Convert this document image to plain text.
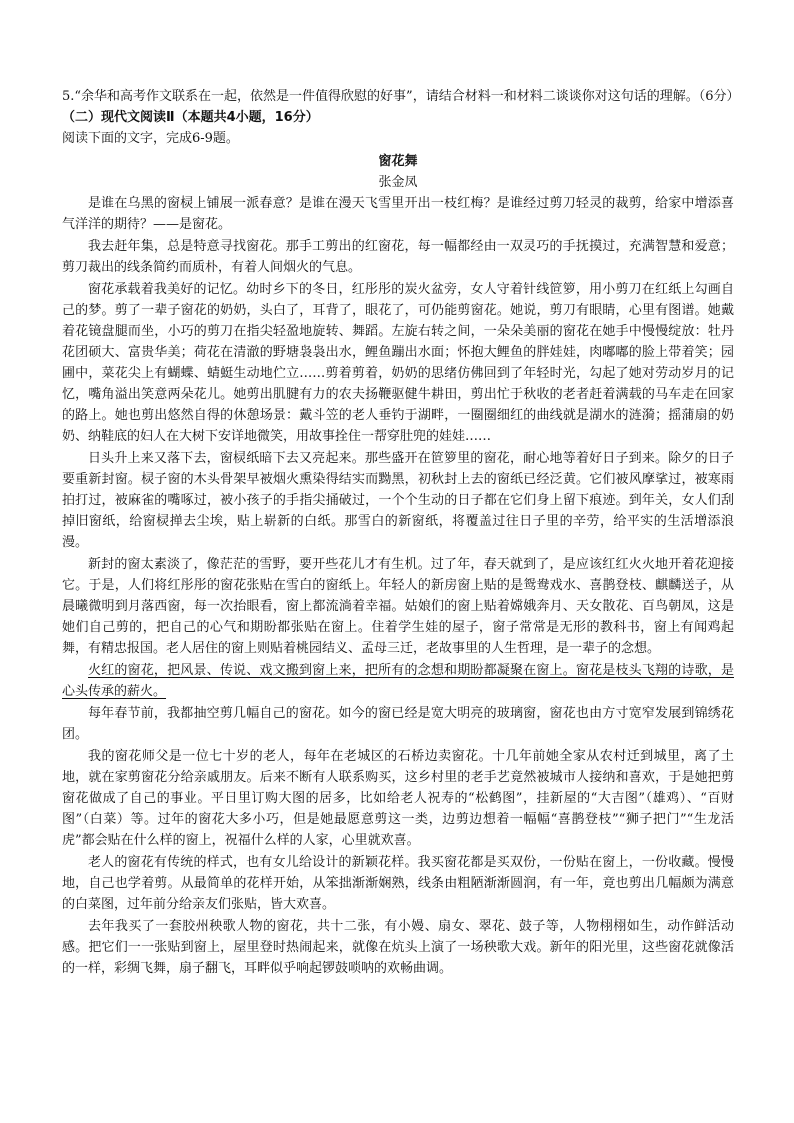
5.“余华和高考作文联系在一起，依然是一件值得欣慰的好事”，请结合材料一和材料二谈谈你对这句话的理解。（6分）

（二）现代文阅读Ⅱ（本题共4小题，16分）

阅读下面的文字，完成6-9题。

窗花舞

张金凤

是谁在乌黑的窗棂上铺展一派春意？是谁在漫天飞雪里开出一枝红梅？是谁经过剪刀轻灵的裁剪，给家中增添喜气洋洋的期待？——是窗花。

我去赶年集，总是特意寻找窗花。那手工剪出的红窗花，每一幅都经由一双灵巧的手抚摸过，充满智慧和爱意；剪刀裁出的线条简约而质朴，有着人间烟火的气息。

窗花承载着我美好的记忆。幼时乡下的冬日，红彤彤的炭火盆旁，女人守着针线笸箩，用小剪刀在红纸上勾画自己的梦。剪了一辈子窗花的奶奶，头白了，耳背了，眼花了，可仍能剪窗花。她说，剪刀有眼睛，心里有图谱。她戴着花镜盘腿而坐，小巧的剪刀在指尖轻盈地旋转、舞蹈。左旋右转之间，一朵朵美丽的窗花在她手中慢慢绽放：牡丹花团硕大、富贵华美；荷花在清澈的野塘袅袅出水，鲤鱼蹦出水面；怀抱大鲤鱼的胖娃娃，肉嘟嘟的脸上带着笑；园圃中，菜花尖上有蝴蝶、蜻蜓生动地伫立……剪着剪着，奶奶的思绪仿佛回到了年轻时光，勾起了她对劳动岁月的记忆，嘴角溢出笑意两朵花儿。她剪出肌腱有力的农夫扬鞭驱健牛耕田，剪出忙于秋收的老者赶着满载的马车走在回家的路上。她也剪出悠然自得的休憩场景：戴斗笠的老人垂钓于湖畔，一圈圈细红的曲线就是湖水的涟漪；摇蒲扇的奶奶、纳鞋底的妇人在大树下安详地微笑，用故事拴住一帮穿肚兜的娃娃……

日头升上来又落下去，窗棂纸暗下去又亮起来。那些盛开在笸箩里的窗花，耐心地等着好日子到来。除夕的日子要重新封窗。棂子窗的木头骨架早被烟火熏染得结实而黝黑，初秋封上去的窗纸已经泛黄。它们被风摩挲过，被寒雨拍打过，被麻雀的嘴啄过，被小孩子的手指尖捅破过，一个个生动的日子都在它们身上留下痕迹。到年关，女人们刮掉旧窗纸，给窗棂掸去尘埃，贴上崭新的白纸。那雪白的新窗纸，将覆盖过往日子里的辛劳，给平实的生活增添浪漫。

新封的窗太素淡了，像茫茫的雪野，要开些花儿才有生机。过了年，春天就到了，是应该红红火火地开着花迎接它。于是，人们将红彤彤的窗花张贴在雪白的窗纸上。年轻人的新房窗上贴的是鸳鸯戏水、喜鹊登枝、麒麟送子，从晨曦微明到月落西窗，每一次抬眼看，窗上都流淌着幸福。姑娘们的窗上贴着嫦娥奔月、天女散花、百鸟朝凤，这是她们自己剪的，把自己的心气和期盼都张贴在窗上。住着学生娃的屋子，窗子常常是无形的教科书，窗上有闻鸡起舞，有精忠报国。老人居住的窗上则贴着桃园结义、孟母三迁，老故事里的人生哲理，是一辈子的念想。

火红的窗花，把风景、传说、戏文搬到窗上来，把所有的念想和期盼都凝聚在窗上。窗花是枝头飞翔的诗歌，是心头传承的薪火。

每年春节前，我都抽空剪几幅自己的窗花。如今的窗已经是宽大明亮的玻璃窗，窗花也由方寸宽窄发展到锦绣花团。

我的窗花师父是一位七十岁的老人，每年在老城区的石桥边卖窗花。十几年前她全家从农村迁到城里，离了土地，就在家剪窗花分给亲戚朋友。后来不断有人联系购买，这乡村里的老手艺竟然被城市人接纳和喜欢，于是她把剪窗花做成了自己的事业。平日里订购大图的居多，比如给老人祝寿的“松鹤图”，挂新屋的“大吉图”（雄鸡）、“百财图”（白菜）等。过年的窗花大多小巧，但是她最愿意剪这一类，边剪边想着一幅幅“喜鹊登枝”“狮子把门”“生龙活虎”都会贴在什么样的窗上，祝福什么样的人家，心里就欢喜。

老人的窗花有传统的样式，也有女儿给设计的新颖花样。我买窗花都是买双份，一份贴在窗上，一份收藏。慢慢地，自己也学着剪。从最简单的花样开始，从笨拙渐渐娴熟，线条由粗陋渐渐圆润，有一年，竟也剪出几幅颇为满意的白菜图，过年前分给亲友们张贴，皆大欢喜。

去年我买了一套胶州秧歌人物的窗花，共十二张，有小嫚、扇女、翠花、鼓子等，人物栩栩如生，动作鲜活动感。把它们一一张贴到窗上，屋里登时热闹起来，就像在炕头上演了一场秧歌大戏。新年的阳光里，这些窗花就像活的一样，彩绸飞舞，扇子翻飞，耳畔似乎响起锣鼓唢呐的欢畅曲调。
